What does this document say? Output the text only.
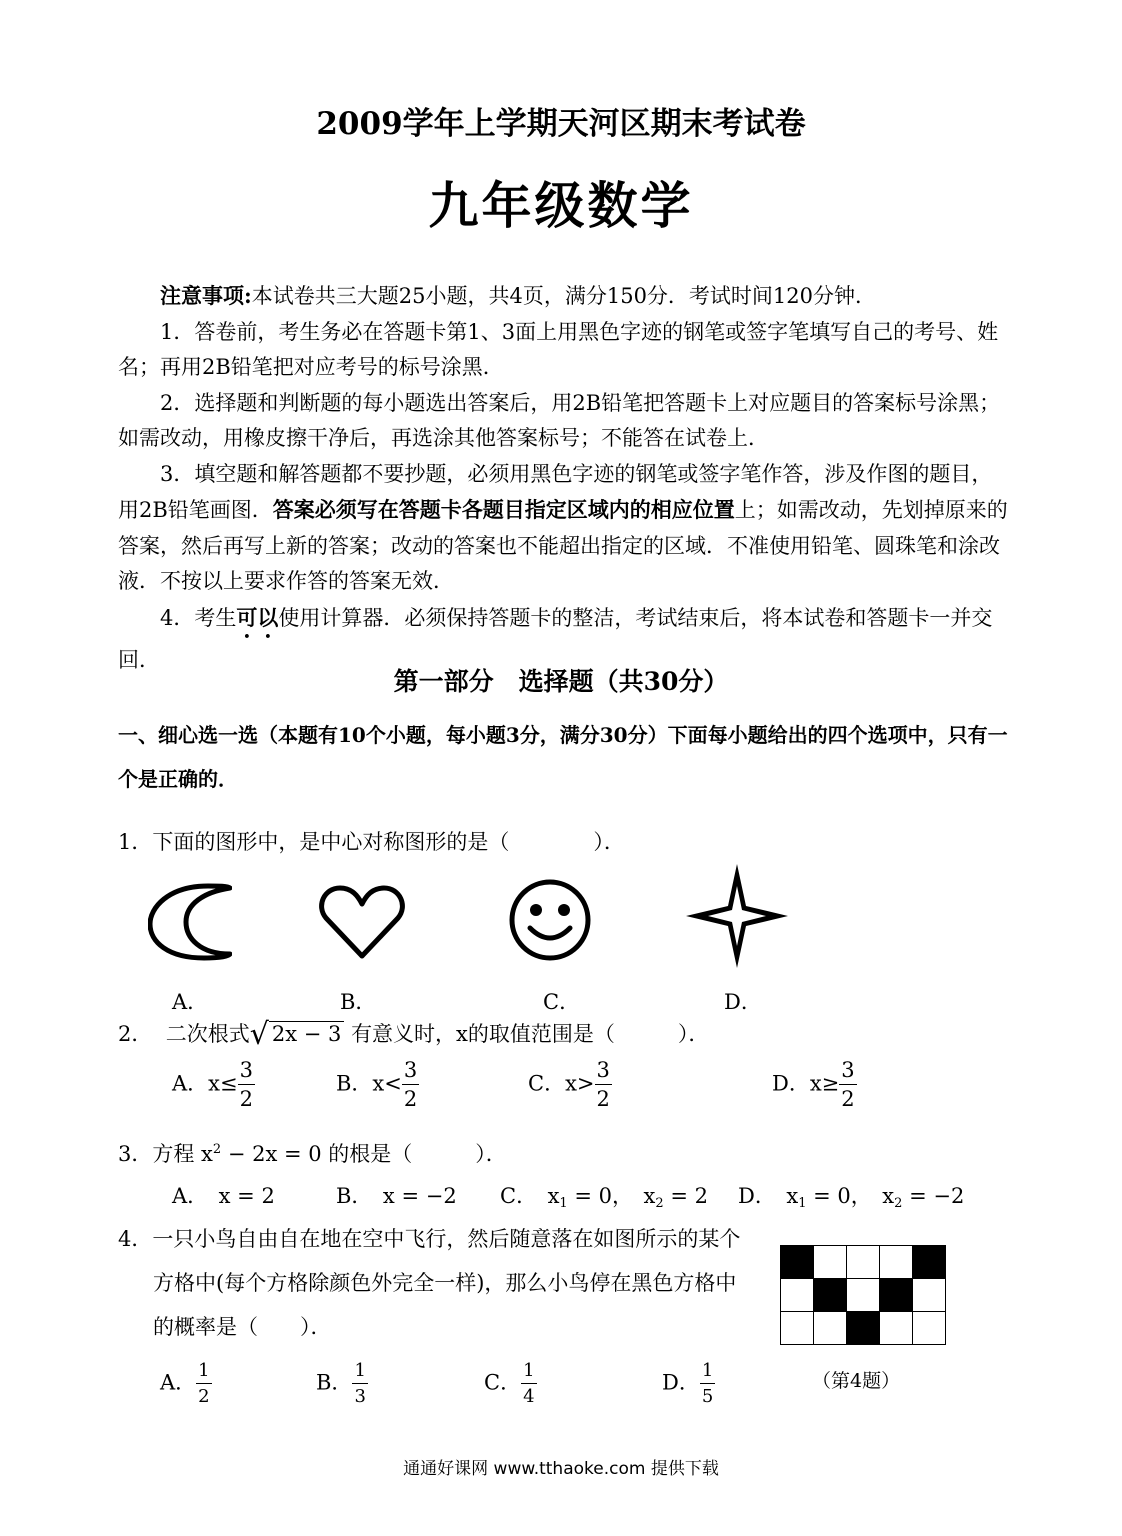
2009学年上学期天河区期末考试卷
九年级数学

注意事项:本试卷共三大题25小题，共4页，满分150分．考试时间120分钟．

1．答卷前，考生务必在答题卡第1、3面上用黑色字迹的钢笔或签字笔填写自己的考号、姓名；再用2B铅笔把对应考号的标号涂黑．

2．选择题和判断题的每小题选出答案后，用2B铅笔把答题卡上对应题目的答案标号涂黑；如需改动，用橡皮擦干净后，再选涂其他答案标号；不能答在试卷上．

3．填空题和解答题都不要抄题，必须用黑色字迹的钢笔或签字笔作答，涉及作图的题目，用2B铅笔画图．答案必须写在答题卡各题目指定区域内的相应位置上；如需改动，先划掉原来的答案，然后再写上新的答案；改动的答案也不能超出指定的区域．不准使用铅笔、圆珠笔和涂改液．不按以上要求作答的答案无效．

4．考生可以使用计算器．必须保持答题卡的整洁，考试结束后，将本试卷和答题卡一并交回．

第一部分　选择题（共30分）
一、细心选一选（本题有10个小题，每小题3分，满分30分）下面每小题给出的四个选项中，只有一个是正确的．
1．下面的图形中，是中心对称图形的是（　　　　）．
A．	B．	C．	D．
2． 二次根式√ 2x − 3 有意义时，x的取值范围是（　　　）．
A．$x\le \frac{3}{2}$	B．$x< \frac{3}{2}$	C．$x> \frac{3}{2}$	D．$x\ge \frac{3}{2}$
3．方程 $x^2 - 2x = 0$ 的根是（　　　）．
A．　x = 2	B．　x = −2 C．　$x_1 = 0$，　$x_2 = 2$ D．　$x_1 = 0$，　$x_2 = -2$
4．一只小鸟自由自在地在空中飞行，然后随意落在如图所示的某个
方格中(每个方格除颜色外完全一样)，那么小鸟停在黑色方格中
的概率是（　　）．

（第4题）
A． $\frac{1}{2}$	B． $\frac{1}{3}$	C． $\frac{1}{4}$	D． $\frac{1}{5}$
通通好课网 www.tthaoke.com 提供下载
